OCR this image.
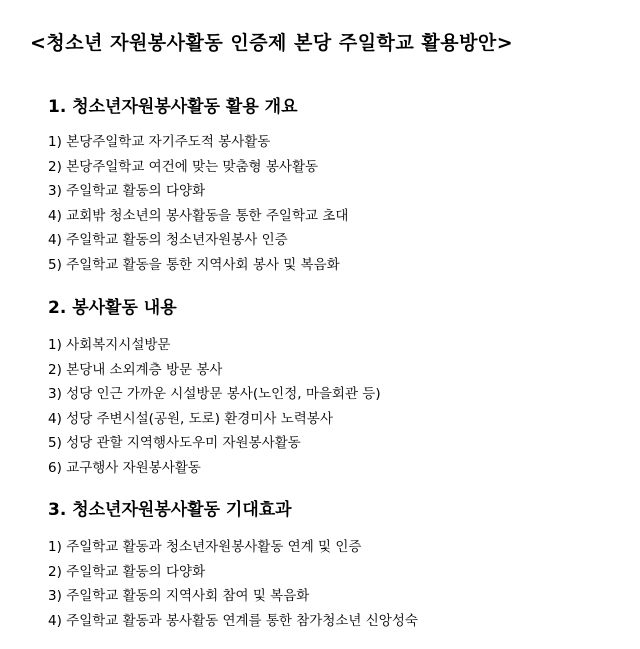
<청소년 자원봉사활동 인증제 본당 주일학교 활용방안>
1. 청소년자원봉사활동 활용 개요
1) 본당주일학교 자기주도적 봉사활동
2) 본당주일학교 여건에 맞는 맞춤형 봉사활동
3) 주일학교 활동의 다양화
4) 교회밖 청소년의 봉사활동을 통한 주일학교 초대
4) 주일학교 활동의 청소년자원봉사 인증
5) 주일학교 활동을 통한 지역사회 봉사 및 복음화
2. 봉사활동 내용
1) 사회복지시설방문
2) 본당내 소외계층 방문 봉사
3) 성당 인근 가까운 시설방문 봉사(노인정, 마을회관 등)
4) 성당 주변시설(공원, 도로) 환경미사 노력봉사
5) 성당 관할 지역행사도우미 자원봉사활동
6) 교구행사 자원봉사활동
3. 청소년자원봉사활동 기대효과
1) 주일학교 활동과 청소년자원봉사활동 연계 및 인증
2) 주일학교 활동의 다양화
3) 주일학교 활동의 지역사회 참여 및 복음화
4) 주일학교 활동과 봉사활동 연계를 통한 참가청소년 신앙성숙
